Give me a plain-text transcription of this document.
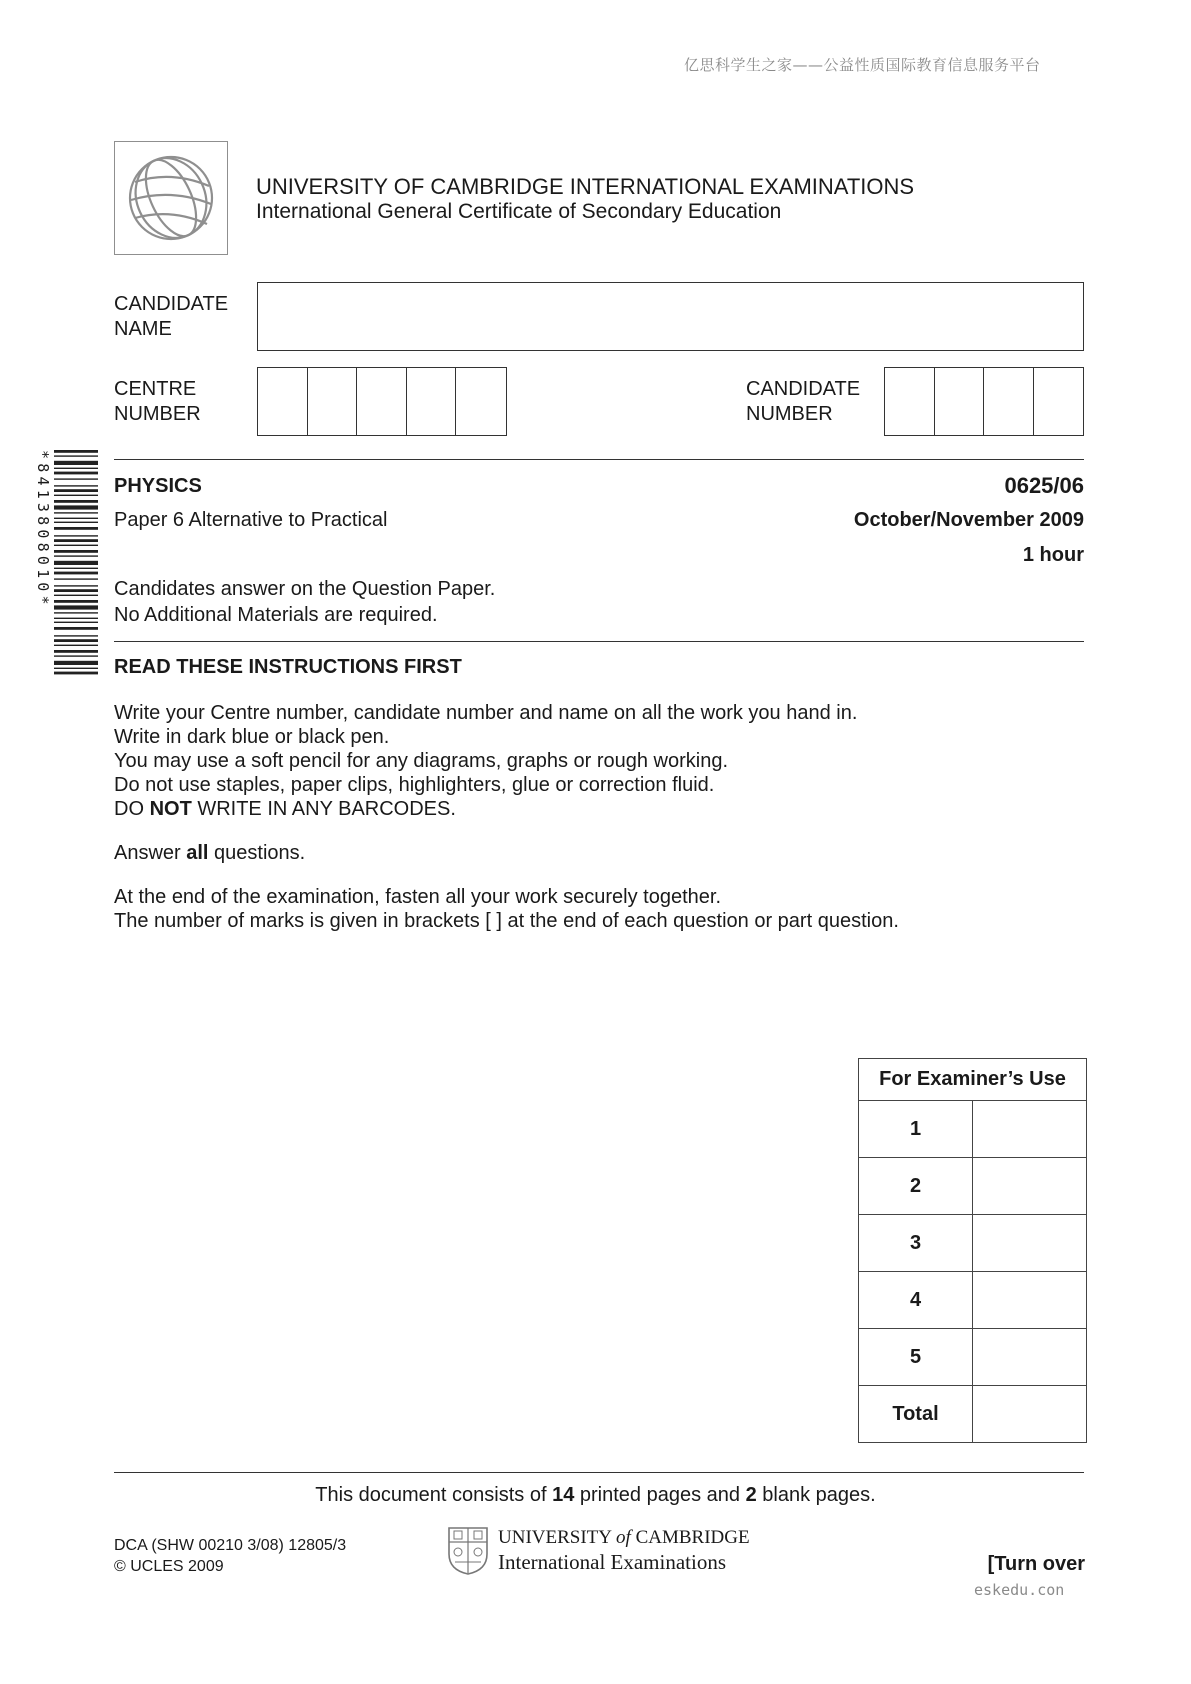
亿思科学生之家——公益性质国际教育信息服务平台
UNIVERSITY OF CAMBRIDGE INTERNATIONAL EXAMINATIONS
International General Certificate of Secondary Education
CANDIDATE
NAME
CENTRE
NUMBER
CANDIDATE
NUMBER
*8413808010*	PHYSICS	0625/06
Paper 6 Alternative to Practical	October/November 2009
1 hour
Candidates answer on the Question Paper.
No Additional Materials are required.
READ THESE INSTRUCTIONS FIRST

Write your Centre number, candidate number and name on all the work you hand in.

Write in dark blue or black pen.

You may use a soft pencil for any diagrams, graphs or rough working.

Do not use staples, paper clips, highlighters, glue or correction fluid.

DO NOT WRITE IN ANY BARCODES.

Answer all questions.

At the end of the examination, fasten all your work securely together.

The number of marks is given in brackets [ ] at the end of each question or part question.

For Examiner’s Use	
1	
2	
3	
4	
5	
Total	
This document consists of 14 printed pages and 2 blank pages.
DCA (SHW 00210 3/08) 12805/3
© UCLES 2009
UNIVERSITY of CAMBRIDGE
International Examinations	[Turn over
eskedu.con
